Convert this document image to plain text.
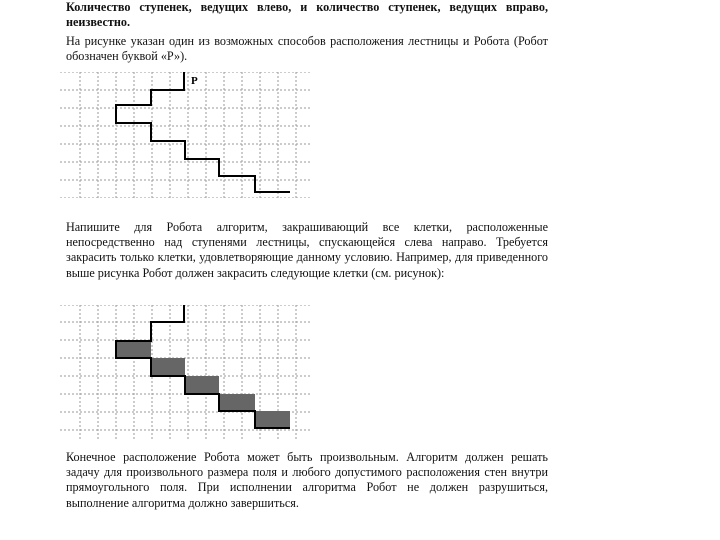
Количество ступенек, ведущих влево, и количество ступенек, ведущих вправо, неизвестно.

На рисунке указан один из возможных способов расположения лестницы и Робота (Робот обозначен буквой «Р»).

Р

Напишите для Робота алгоритм, закрашивающий все клетки, расположенные непосредственно над ступенями лестницы, спускающейся слева направо. Требуется закрасить только клетки, удовлетворяющие данному условию. Например, для приведенного выше рисунка Робот должен закрасить следующие клетки (см. рисунок):

Конечное расположение Робота может быть произвольным. Алгоритм должен решать задачу для произвольного размера поля и любого допустимого расположения стен внутри прямоугольного поля. При исполнении алгоритма Робот не должен разрушиться, выполнение алгоритма должно завершиться.
